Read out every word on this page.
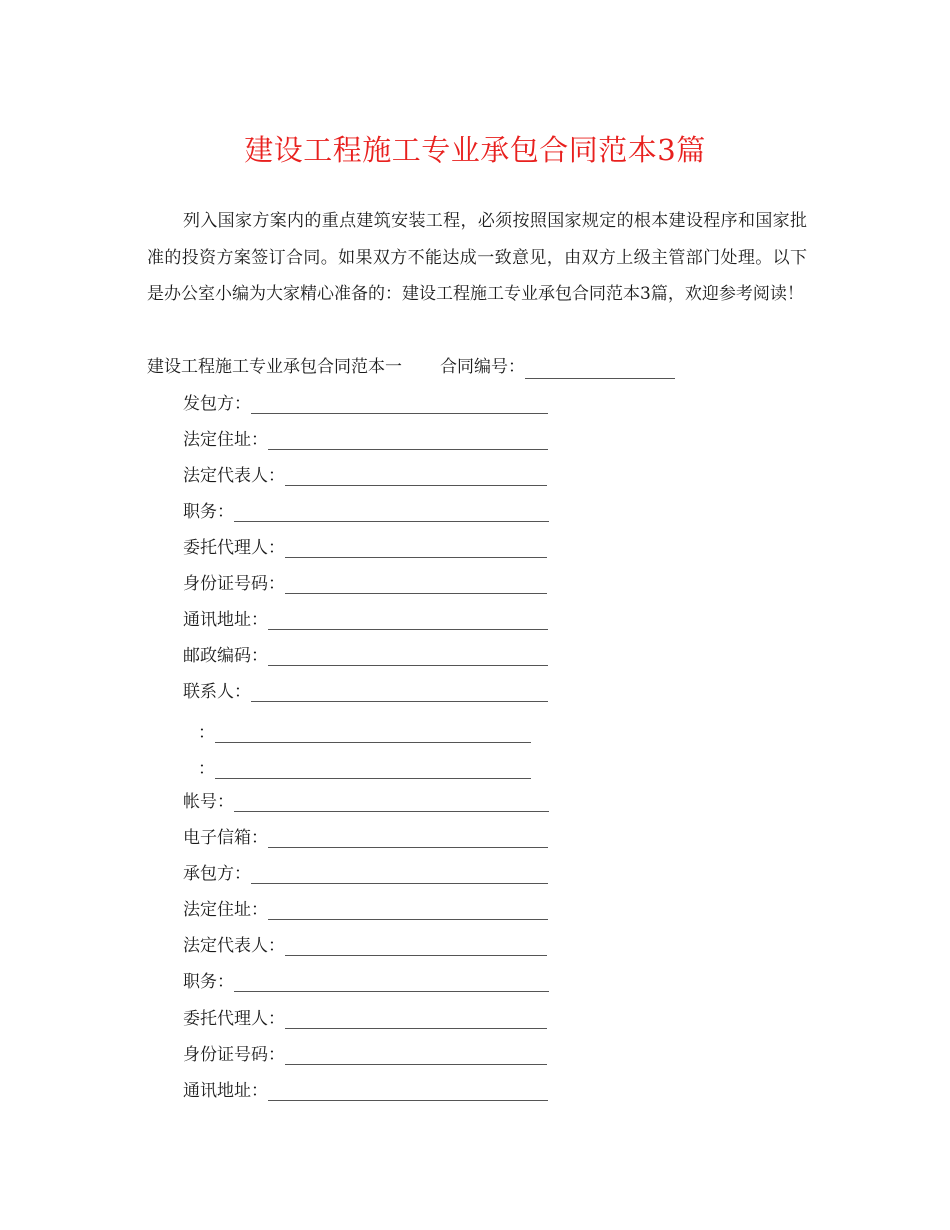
建设工程施工专业承包合同范本3篇

列入国家方案内的重点建筑安装工程，必须按照国家规定的根本建设程序和国家批准的投资方案签订合同。如果双方不能达成一致意见，由双方上级主管部门处理。以下是办公室小编为大家精心准备的：建设工程施工专业承包合同范本3篇，欢迎参考阅读！

建设工程施工专业承包合同范本一 合同编号：
发包方：
法定住址：
法定代表人：
职务：
委托代理人：
身份证号码：
通讯地址：
邮政编码：
联系人：
：
：
帐号：
电子信箱：
承包方：
法定住址：
法定代表人：
职务：
委托代理人：
身份证号码：
通讯地址：
